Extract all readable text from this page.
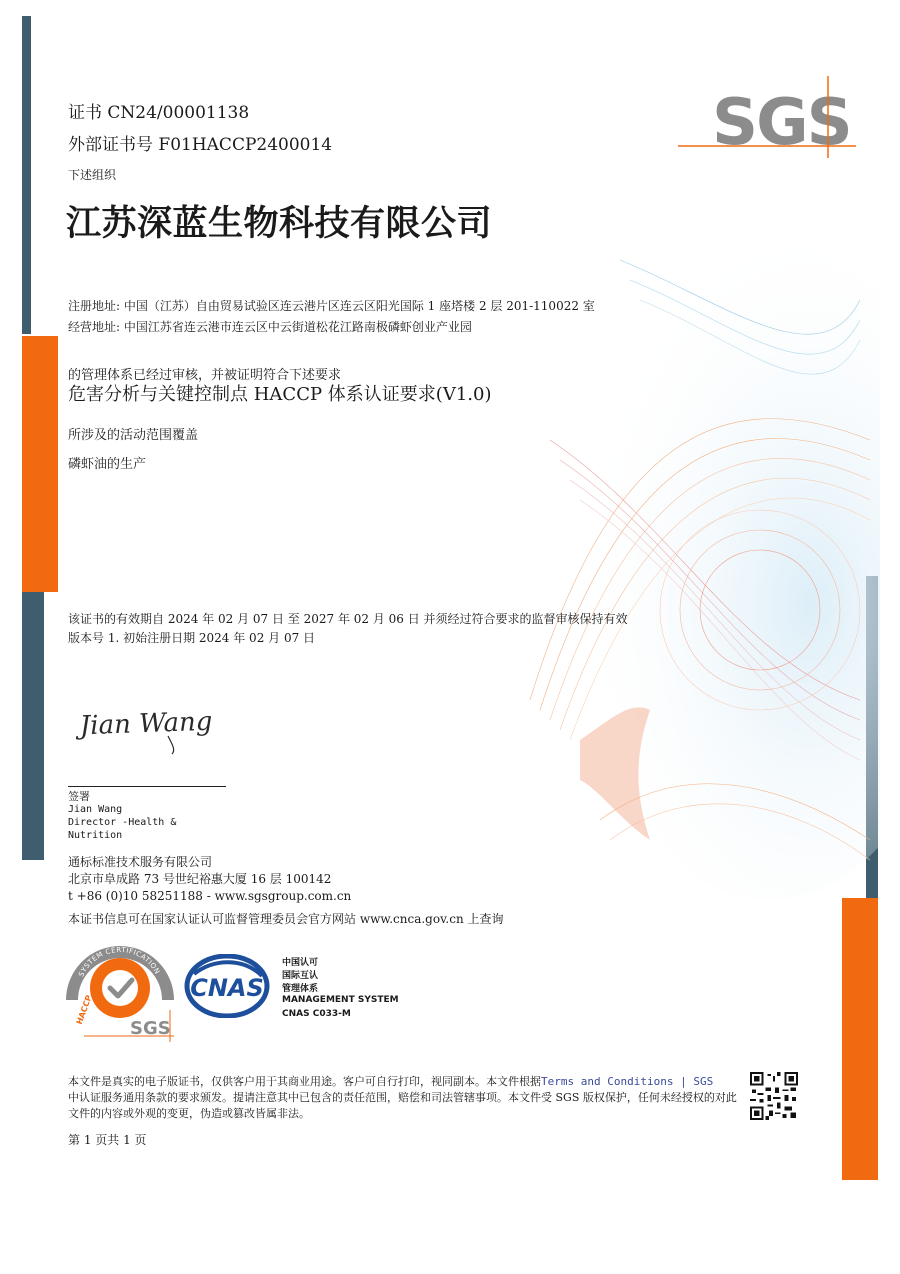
证书 CN24/00001138
外部证书号 F01HACCP2400014
下述组织
江苏深蓝生物科技有限公司
注册地址: 中国（江苏）自由贸易试验区连云港片区连云区阳光国际 1 座塔楼 2 层 201-110022 室
经营地址: 中国江苏省连云港市连云区中云街道松花江路南极磷虾创业产业园
的管理体系已经过审核，并被证明符合下述要求
危害分析与关键控制点 HACCP 体系认证要求(V1.0)
所涉及的活动范围覆盖
磷虾油的生产
该证书的有效期自 2024 年 02 月 07 日 至 2027 年 02 月 06 日 并须经过符合要求的监督审核保持有效
版本号 1. 初始注册日期 2024 年 02 月 07 日
SGS
Jian Wang
签署
Jian Wang
Director -Health &
Nutrition
通标标准技术服务有限公司
北京市阜成路 73 号世纪裕惠大厦 16 层 100142
t +86 (0)10 58251188 - www.sgsgroup.com.cn
本证书信息可在国家认证认可监督管理委员会官方网站 www.cnca.gov.cn 上查询
SYSTEM CERTIFICATION
HACCP
SGS
CNAS
中国认可
国际互认
管理体系
MANAGEMENT SYSTEM
CNAS C033-M
本文件是真实的电子版证书，仅供客户用于其商业用途。客户可自行打印，视同副本。本文件根据Terms and Conditions | SGS
中认证服务通用条款的要求颁发。提请注意其中已包含的责任范围，赔偿和司法管辖事项。本文件受 SGS 版权保护，任何未经授权的对此文件的内容或外观的变更，伪造或篡改皆属非法。
第 1 页共 1 页
